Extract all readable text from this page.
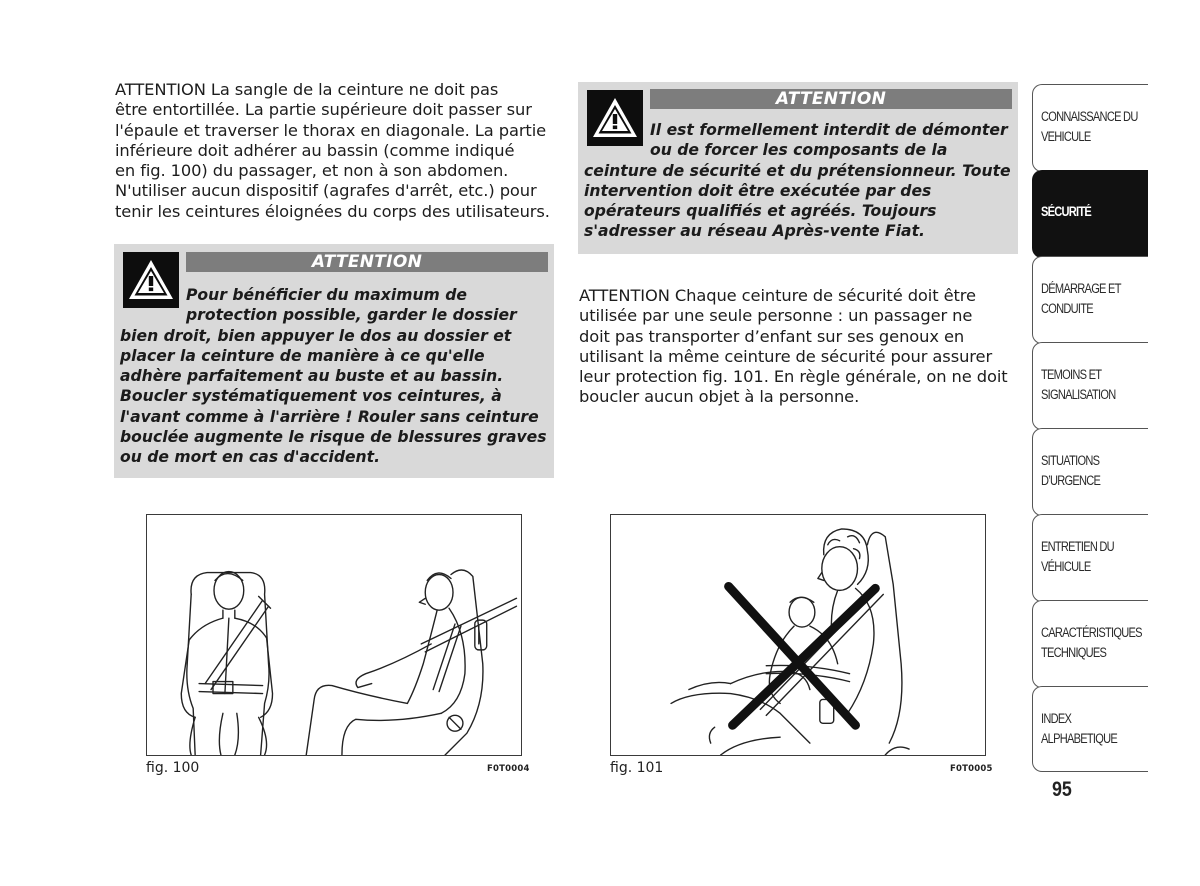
ATTENTION La sangle de la ceinture ne doit pas
être entortillée. La partie supérieure doit passer sur
l'épaule et traverser le thorax en diagonale. La partie
inférieure doit adhérer au bassin (comme indiqué
en fig. 100) du passager, et non à son abdomen.
N'utiliser aucun dispositif (agrafes d'arrêt, etc.) pour
tenir les ceintures éloignées du corps des utilisateurs.
ATTENTION
Pour bénéficier du maximum de
protection possible, garder le dossier
bien droit, bien appuyer le dos au dossier et
placer la ceinture de manière à ce qu'elle
adhère parfaitement au buste et au bassin.
Boucler systématiquement vos ceintures, à
l'avant comme à l'arrière ! Rouler sans ceinture
bouclée augmente le risque de blessures graves
ou de mort en cas d'accident.
ATTENTION
Il est formellement interdit de démonter
ou de forcer les composants de la
ceinture de sécurité et du prétensionneur. Toute
intervention doit être exécutée par des
opérateurs qualifiés et agréés. Toujours
s'adresser au réseau Après-vente Fiat.
ATTENTION Chaque ceinture de sécurité doit être
utilisée par une seule personne : un passager ne
doit pas transporter d’enfant sur ses genoux en
utilisant la même ceinture de sécurité pour assurer
leur protection fig. 101. En règle générale, on ne doit
boucler aucun objet à la personne.
fig. 100	F0T0004	fig. 101	F0T0005
CONNAISSANCE DU
VEHICULE
SÉCURITÉ
DÉMARRAGE ET
CONDUITE
TEMOINS ET
SIGNALISATION
SITUATIONS
D’URGENCE
ENTRETIEN DU
VÉHICULE
CARACTÉRISTIQUES
TECHNIQUES
INDEX
ALPHABETIQUE
95
